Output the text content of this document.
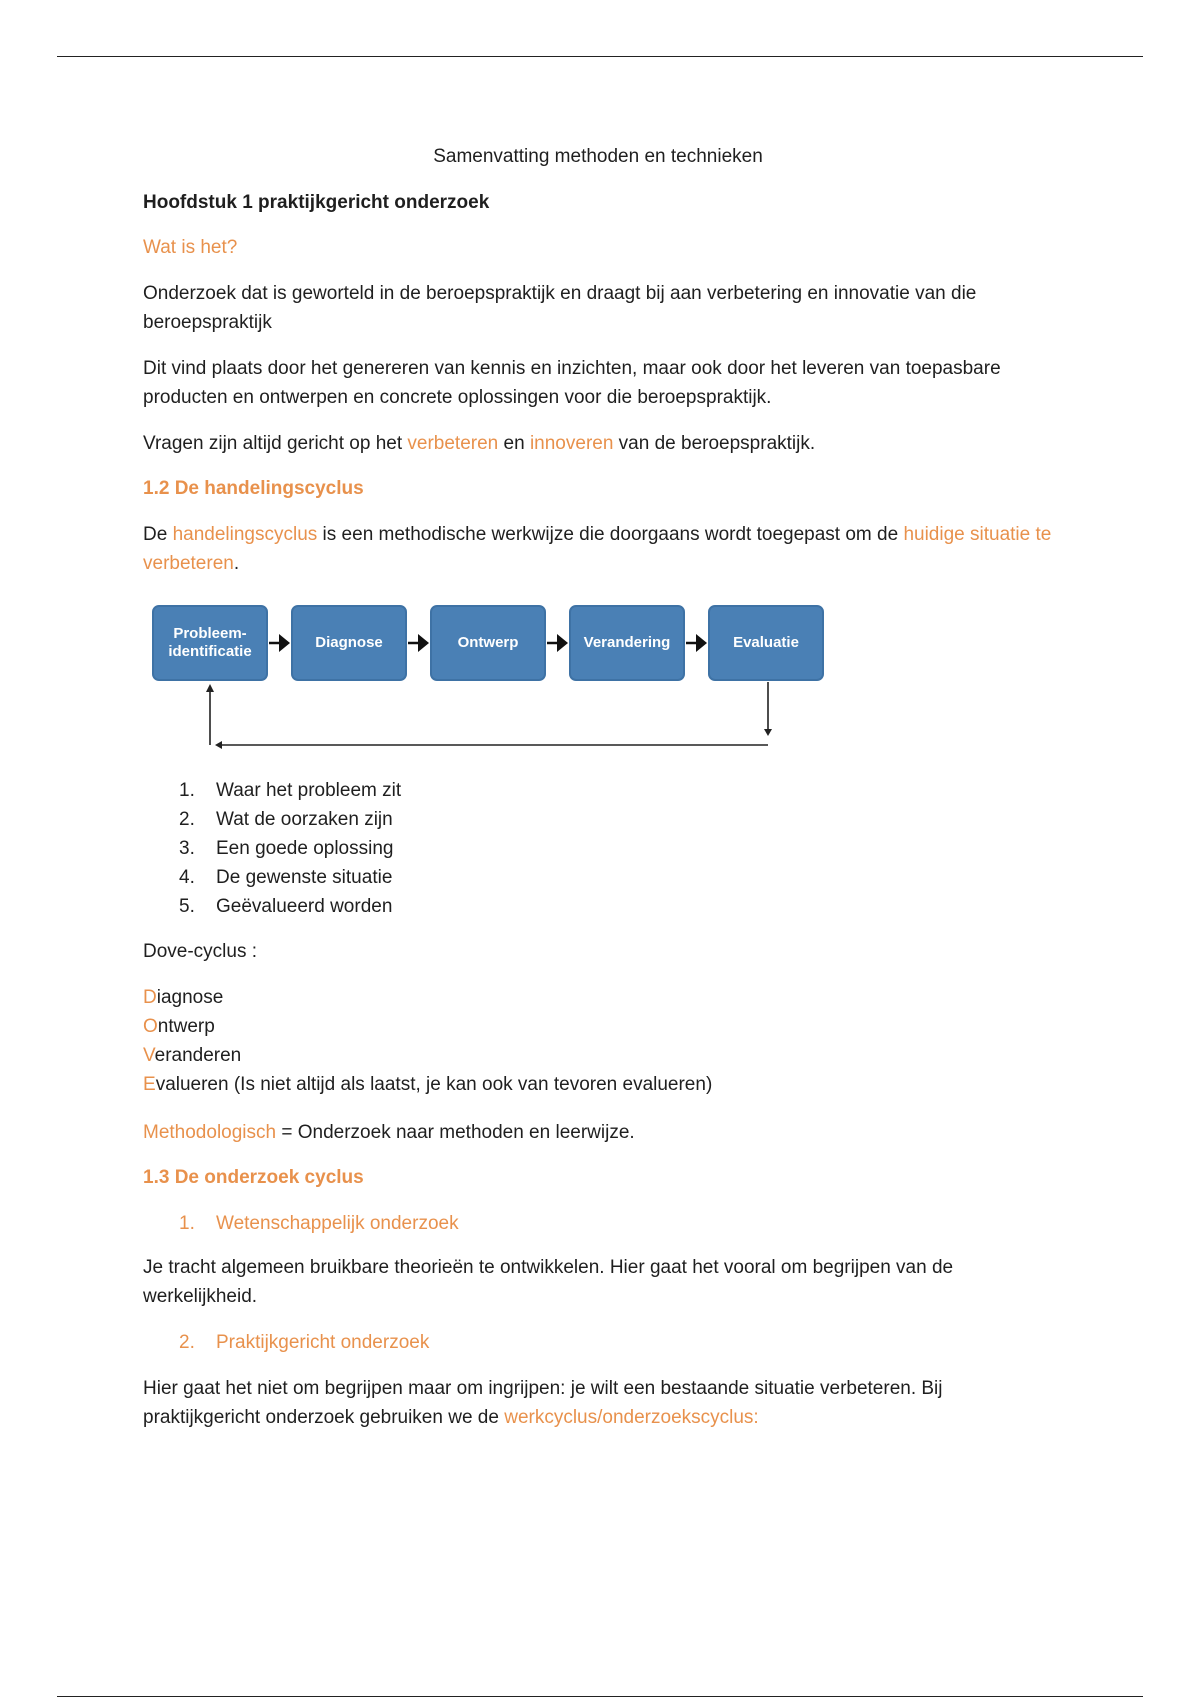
Samenvatting methoden en technieken
Hoofdstuk 1 praktijkgericht onderzoek
Wat is het?
Onderzoek dat is geworteld in de beroepspraktijk en draagt bij aan verbetering en innovatie van die beroepspraktijk
Dit vind plaats door het genereren van kennis en inzichten, maar ook door het leveren van toepasbare producten en ontwerpen en concrete oplossingen voor die beroepspraktijk.
Vragen zijn altijd gericht op het verbeteren en innoveren van de beroepspraktijk.
1.2 De handelingscyclus
De handelingscyclus is een methodische werkwijze die doorgaans wordt toegepast om de huidige situatie te verbeteren.
1. Waar het probleem zit
2. Wat de oorzaken zijn
3. Een goede oplossing
4. De gewenste situatie
5. Geëvalueerd worden
Dove-cyclus :
Diagnose
Ontwerp
Veranderen
Evalueren (Is niet altijd als laatst, je kan ook van tevoren evalueren)
Methodologisch = Onderzoek naar methoden en leerwijze.
1.3 De onderzoek cyclus
1. Wetenschappelijk onderzoek
Je tracht algemeen bruikbare theorieën te ontwikkelen. Hier gaat het vooral om begrijpen van de werkelijkheid.
2. Praktijkgericht onderzoek
Hier gaat het niet om begrijpen maar om ingrijpen: je wilt een bestaande situatie verbeteren. Bij praktijkgericht onderzoek gebruiken we de werkcyclus/onderzoekscyclus:
Probleem-identificatie
Diagnose	Ontwerp	Verandering	Evaluatie
